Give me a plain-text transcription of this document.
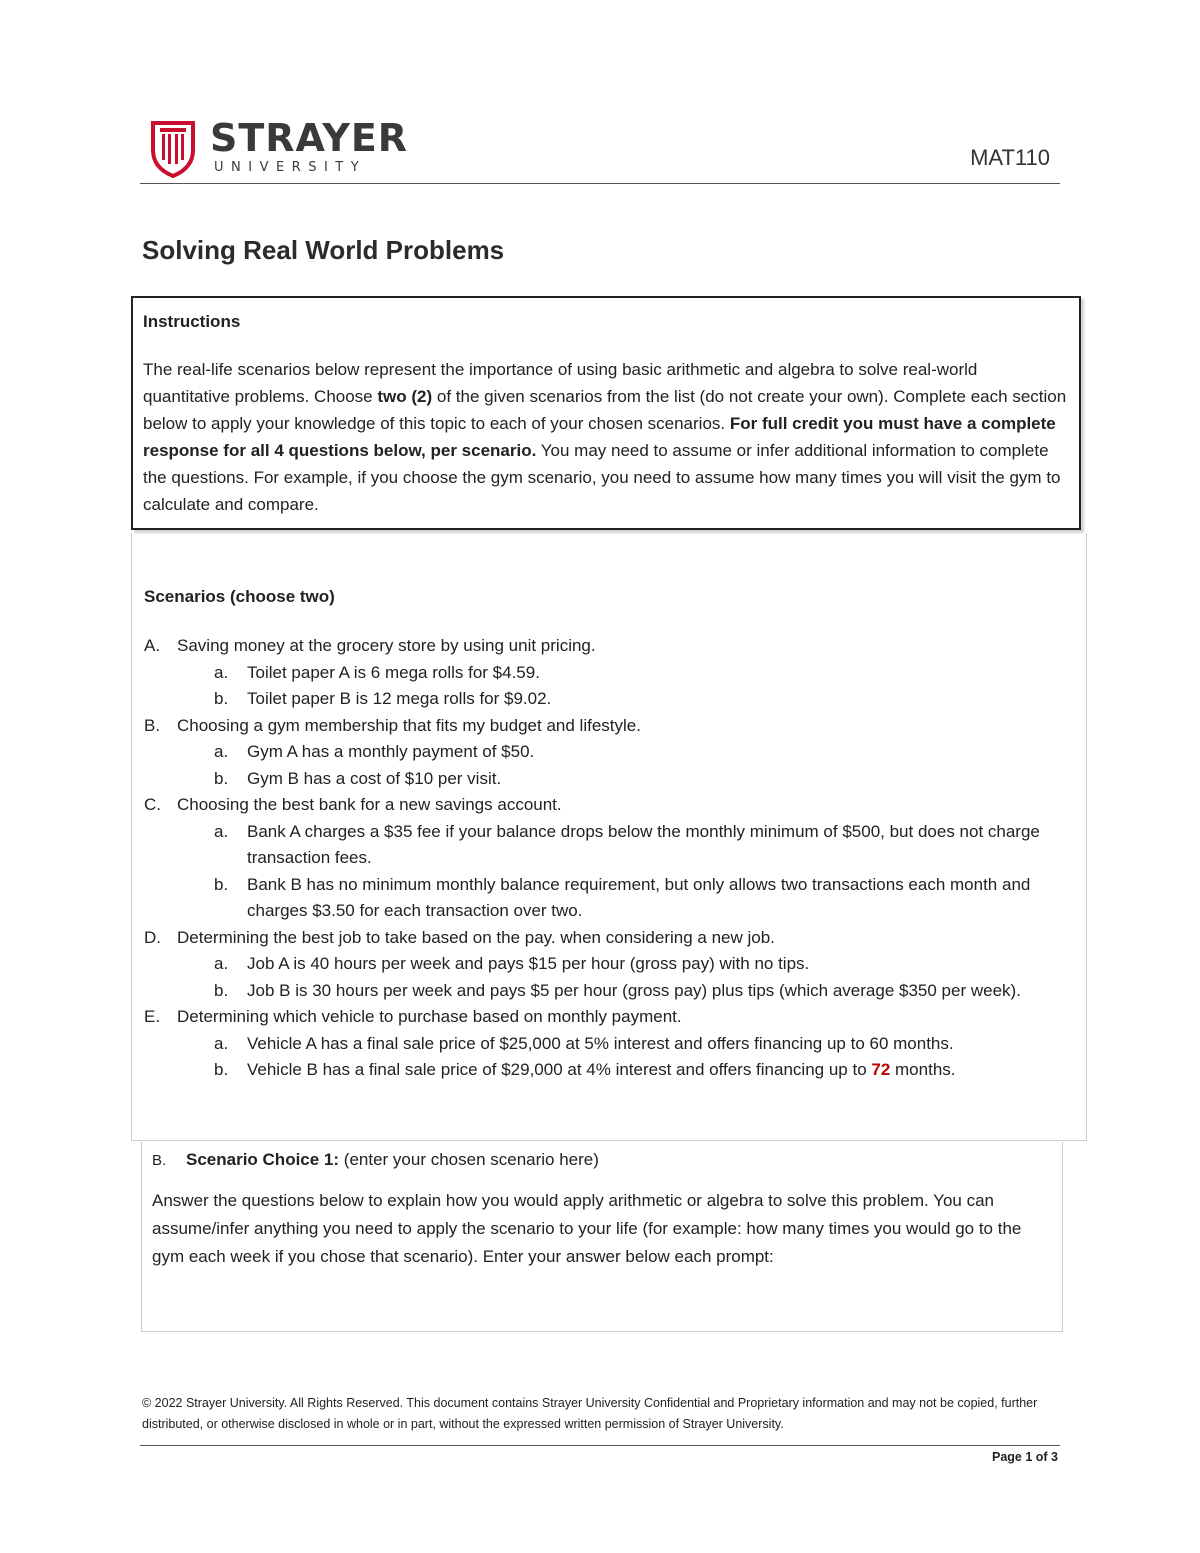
STRAYER
UNIVERSITY	MAT110
Solving Real World Problems
Instructions
The real-life scenarios below represent the importance of using basic arithmetic and algebra to solve real-world quantitative problems. Choose two (2) of the given scenarios from the list (do not create your own). Complete each section below to apply your knowledge of this topic to each of your chosen scenarios. For full credit you must have a complete response for all 4 questions below, per scenario. You may need to assume or infer additional information to complete the questions. For example, if you choose the gym scenario, you need to assume how many times you will visit the gym to calculate and compare.
Scenarios (choose two)
A. Saving money at the grocery store by using unit pricing.
a.	Toilet paper A is 6 mega rolls for $4.59.
b.	Toilet paper B is 12 mega rolls for $9.02.
B. Choosing a gym membership that fits my budget and lifestyle.
a.	Gym A has a monthly payment of $50.
b.	Gym B has a cost of $10 per visit.
C. Choosing the best bank for a new savings account.
a.	Bank A charges a $35 fee if your balance drops below the monthly minimum of $500, but does not charge transaction fees.
b.	Bank B has no minimum monthly balance requirement, but only allows two transactions each month and charges $3.50 for each transaction over two.
D. Determining the best job to take based on the pay. when considering a new job.
a.	Job A is 40 hours per week and pays $15 per hour (gross pay) with no tips.
b.	Job B is 30 hours per week and pays $5 per hour (gross pay) plus tips (which average $350 per week).
E. Determining which vehicle to purchase based on monthly payment.
a.	Vehicle A has a final sale price of $25,000 at 5% interest and offers financing up to 60 months.
b.	Vehicle B has a final sale price of $29,000 at 4% interest and offers financing up to 72 months.
B. Scenario Choice 1: (enter your chosen scenario here)
Answer the questions below to explain how you would apply arithmetic or algebra to solve this problem. You can assume/infer anything you need to apply the scenario to your life (for example: how many times you would go to the gym each week if you chose that scenario). Enter your answer below each prompt:
© 2022 Strayer University. All Rights Reserved. This document contains Strayer University Confidential and Proprietary information and may not be copied, further distributed, or otherwise disclosed in whole or in part, without the expressed written permission of Strayer University.
Page 1 of 3
